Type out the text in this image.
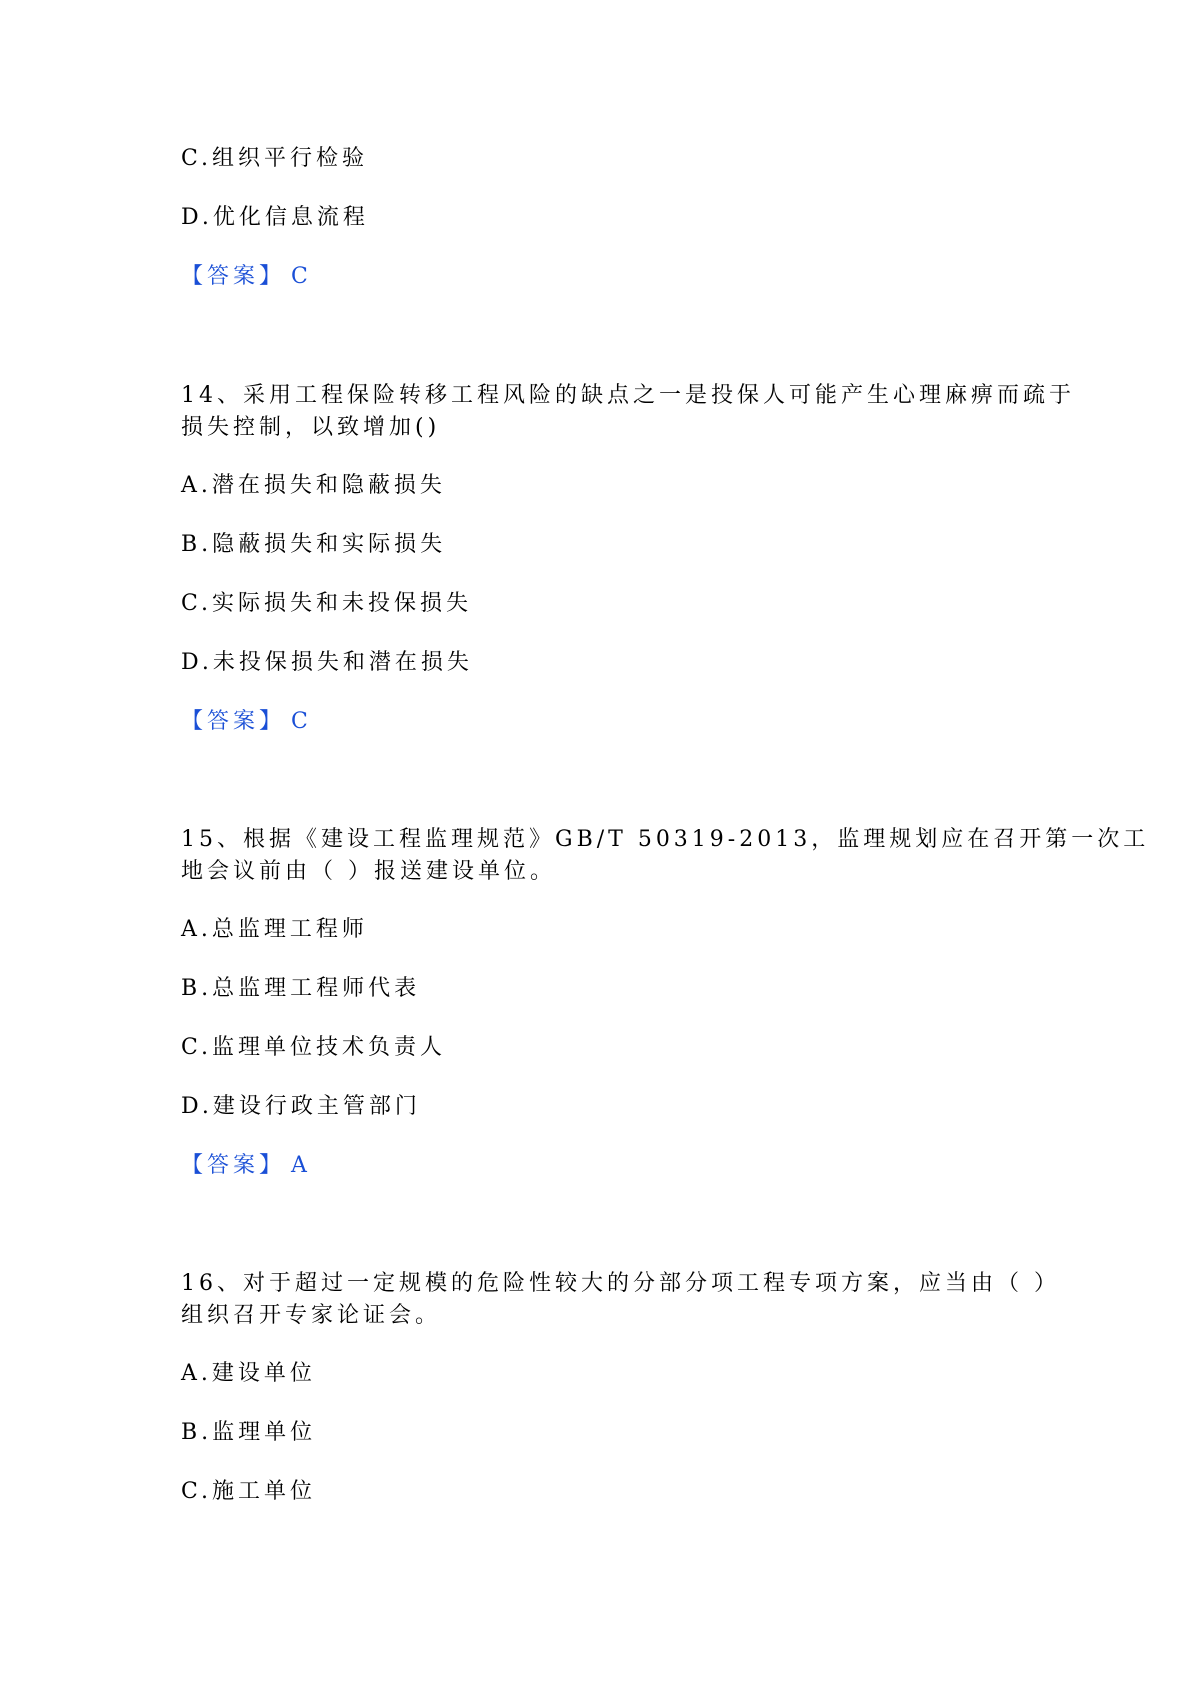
C.组织平行检验
D.优化信息流程
【答案】 C
14、采用工程保险转移工程风险的缺点之一是投保人可能产生心理麻痹而疏于
损失控制，以致增加()
A.潜在损失和隐蔽损失
B.隐蔽损失和实际损失
C.实际损失和未投保损失
D.未投保损失和潜在损失
【答案】 C
15、根据《建设工程监理规范》GB/T 50319-2013，监理规划应在召开第一次工
地会议前由（ ）报送建设单位。
A.总监理工程师
B.总监理工程师代表
C.监理单位技术负责人
D.建设行政主管部门
【答案】 A
16、对于超过一定规模的危险性较大的分部分项工程专项方案，应当由（ ）
组织召开专家论证会。
A.建设单位
B.监理单位
C.施工单位
